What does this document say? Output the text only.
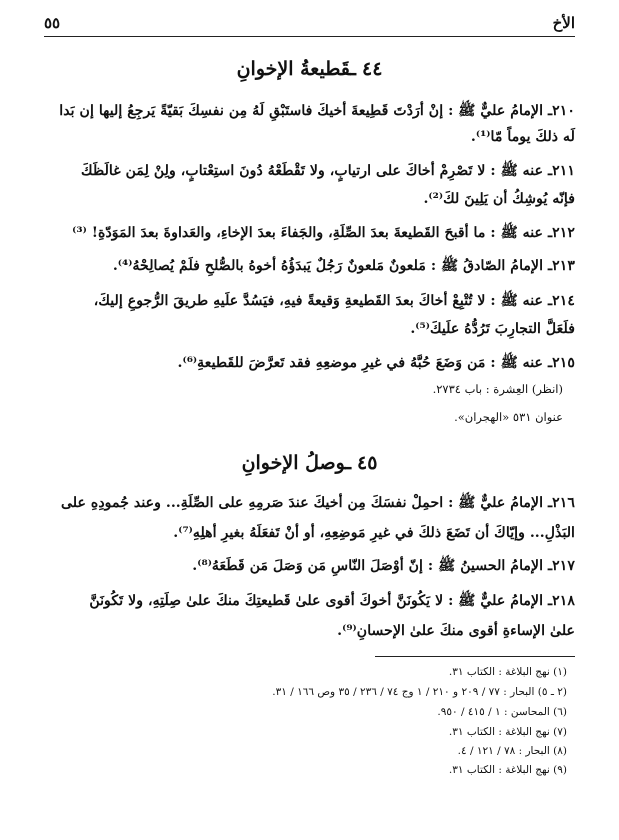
الأخ
٥٥
٤٤ـقَطيعةُ الإخوانِ
٢١٠ـ الإمامُ عليٌّ ﷺ : إنْ أرَدْتَ قَطِيعةَ أخيكَ فاستَبْقِ لَهُ مِن نفسِكَ بَقيّةً يَرجِعُ إليها إن بَدا
لَه ذلكَ يوماً مّا⁽¹⁾.
٢١١ـ عنه ﷺ : لا تَصْرِمْ أخاكَ على ارتيابٍ، ولا تَقْطَعْهُ دُونَ استِعْتابٍ، ولِنْ لِمَن غالَظَكَ
فإنّه يُوشِكُ أن يَلِينَ لكَ⁽²⁾.
٢١٢ـ عنه ﷺ : ما أقبحَ القَطيعةَ بعدَ الصِّلَةِ، والجَفاءَ بعدَ الإخاءِ، والعَداوةَ بعدَ المَوَدّةِ! ⁽³⁾
٢١٣ـ الإمامُ الصّادقُ ﷺ : مَلعونٌ مَلعونٌ رَجُلٌ يَبدَؤُهُ أخوهُ بالصُّلحِ فلَمْ يُصالِحْهُ⁽⁴⁾.
٢١٤ـ عنه ﷺ : لا تُتْبِعْ أخاكَ بعدَ القَطيعةِ وَقيعةً فيهِ، فيَسُدَّ علَيهِ طريقَ الرُّجوعِ إليكَ،
فلَعَلَّ التجارِبَ تَرُدُّهُ علَيكَ⁽⁵⁾.
٢١٥ـ عنه ﷺ : مَن وَضَعَ حُبَّهُ في غيرِ موضعِهِ فقد تَعرَّضَ للقَطيعةِ⁽⁶⁾.
(انظر) العِشرة : باب ٢٧٣٤.
عنوان ٥٣١ «الهجران».
٤٥ـوصلُ الإخوانِ
٢١٦ـ الإمامُ عليٌّ ﷺ : احمِلْ نفسَكَ مِن أخيكَ عندَ صَرمِهِ على الصِّلَةِ... وعند جُمودِهِ على
البَذْلِ... وإيّاكَ أن تَضَعَ ذلكَ في غيرِ مَوضِعِهِ، أو أنْ تَفعَلَهُ بغيرِ أهلِهِ⁽⁷⁾.
٢١٧ـ الإمامُ الحسينُ ﷺ : إنّ أوْصَلَ النّاسِ مَن وَصَلَ مَن قَطَعَهُ⁽⁸⁾.
٢١٨ـ الإمامُ عليٌّ ﷺ : لا يَكُونَنَّ أخوكَ أقوى علىٰ قَطيعتِكَ منكَ علىٰ صِلَتِهِ، ولا تَكُونَنَّ
علىٰ الإساءةِ أقوى منكَ علىٰ الإحسانِ⁽⁹⁾.
(١) نهج البلاغة : الكتاب ٣١.
(٢ ـ ٥) البحار : ٧٧ / ٢٠٩ و ٢١٠ / ١ وج ٧٤ / ٢٣٦ / ٣٥ وص ١٦٦ / ٣١.
(٦) المحاسن : ١ / ٤١٥ / ٩٥٠.
(٧) نهج البلاغة : الكتاب ٣١.
(٨) البحار : ٧٨ / ١٢١ / ٤.
(٩) نهج البلاغة : الكتاب ٣١.
